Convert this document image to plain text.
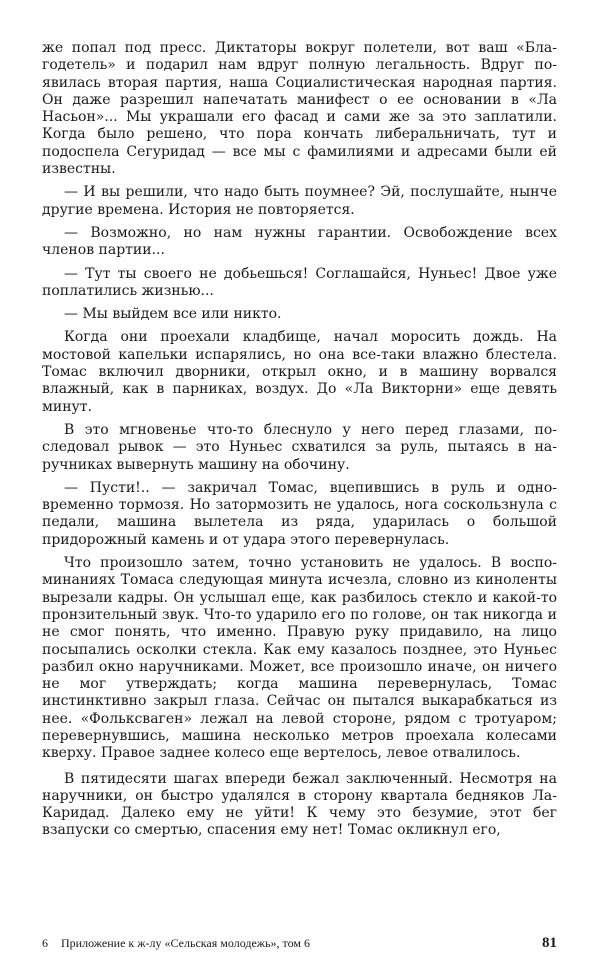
же попал под пресс. Диктаторы вокруг полетели, вот ваш «Благодетель» и подарил нам вдруг полную легальность. Вдруг появилась вторая партия, наша Социалистическая народная партия. Он даже разрешил напечатать манифест о ее основании в «Ла Насьон»... Мы украшали его фасад и сами же за это заплатили. Когда было решено, что пора кончать либеральничать, тут и подоспела Сегуридад — все мы с фамилиями и адресами были ей известны.

— И вы решили, что надо быть поумнее? Эй, послушайте, нынче другие времена. История не повторяется.

— Возможно, но нам нужны гарантии. Освобождение всех членов партии...

— Тут ты своего не добьешься! Соглашайся, Нуньес! Двое уже поплатились жизнью...

— Мы выйдем все или никто.

Когда они проехали кладбище, начал моросить дождь. На мостовой капельки испарялись, но она все-таки влажно блестела. Томас включил дворники, открыл окно, и в машину ворвался влажный, как в парниках, воздух. До «Ла Викторни» еще девять минут.

В это мгновенье что-то блеснуло у него перед глазами, последовал рывок — это Нуньес схватился за руль, пытаясь в наручниках вывернуть машину на обочину.

— Пусти!.. — закричал Томас, вцепившись в руль и одновременно тормозя. Но затормозить не удалось, нога соскользнула с педали, машина вылетела из ряда, ударилась о большой придорожный камень и от удара этого перевернулась.

Что произошло затем, точно установить не удалось. В воспоминаниях Томаса следующая минута исчезла, словно из киноленты вырезали кадры. Он услышал еще, как разбилось стекло и какой-то пронзительный звук. Что-то ударило его по голове, он так никогда и не смог понять, что именно. Правую руку придавило, на лицо посыпались осколки стекла. Как ему казалось позднее, это Нуньес разбил окно наручниками. Может, все произошло иначе, он ничего не мог утверждать; когда машина перевернулась, Томас инстинктивно закрыл глаза. Сейчас он пытался выкарабкаться из нее. «Фольксваген» лежал на левой стороне, рядом с тротуаром; перевернувшись, машина несколько метров проехала колесами кверху. Правое заднее колесо еще вертелось, левое отвалилось.

В пятидесяти шагах впереди бежал заключенный. Несмотря на наручники, он быстро удалялся в сторону квартала бедняков Ла-Каридад. Далеко ему не уйти! К чему это безумие, этот бег взапуски со смертью, спасения ему нет! Томас окликнул его,

6 Приложение к ж-лу «Сельская молодежь», том 6	81
